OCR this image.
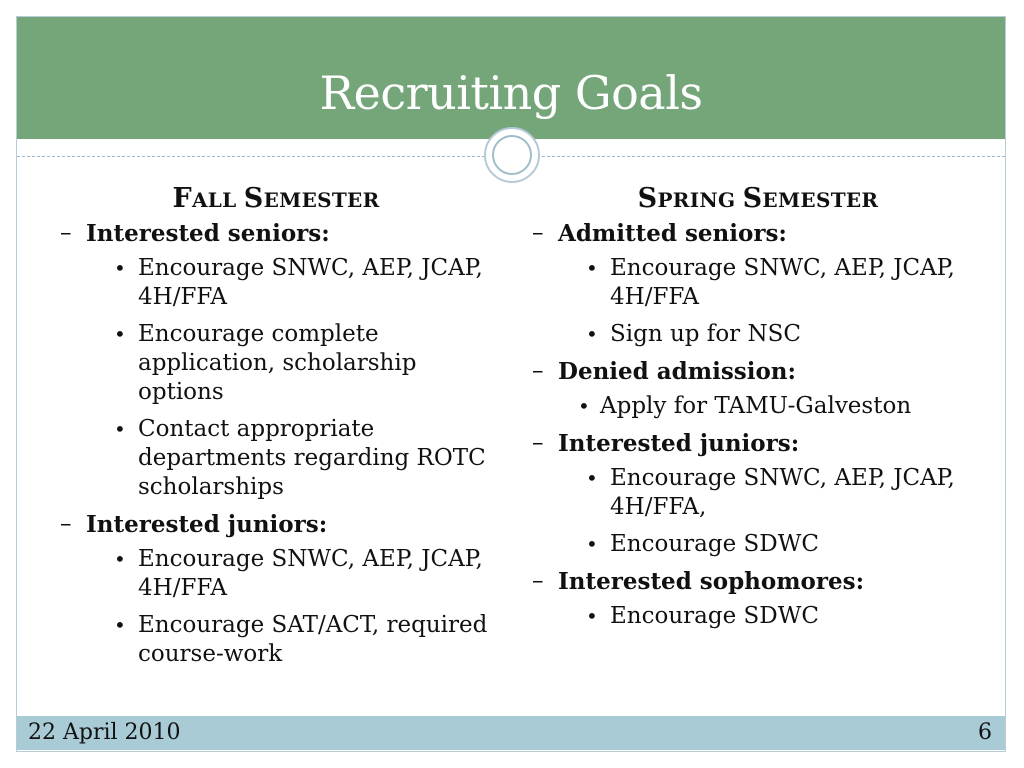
Recruiting Goals
FALL SEMESTER
– Interested seniors:
• Encourage SNWC, AEP, JCAP, 4H/FFA
• Encourage complete application, scholarship options
• Contact appropriate departments regarding ROTC scholarships
– Interested juniors:
• Encourage SNWC, AEP, JCAP, 4H/FFA
• Encourage SAT/ACT, required course-work
SPRING SEMESTER
– Admitted seniors:
• Encourage SNWC, AEP, JCAP, 4H/FFA
• Sign up for NSC
– Denied admission:
• Apply for TAMU-Galveston
– Interested juniors:
• Encourage SNWC, AEP, JCAP, 4H/FFA,
• Encourage SDWC
– Interested sophomores:
• Encourage SDWC
22 April 2010	6
